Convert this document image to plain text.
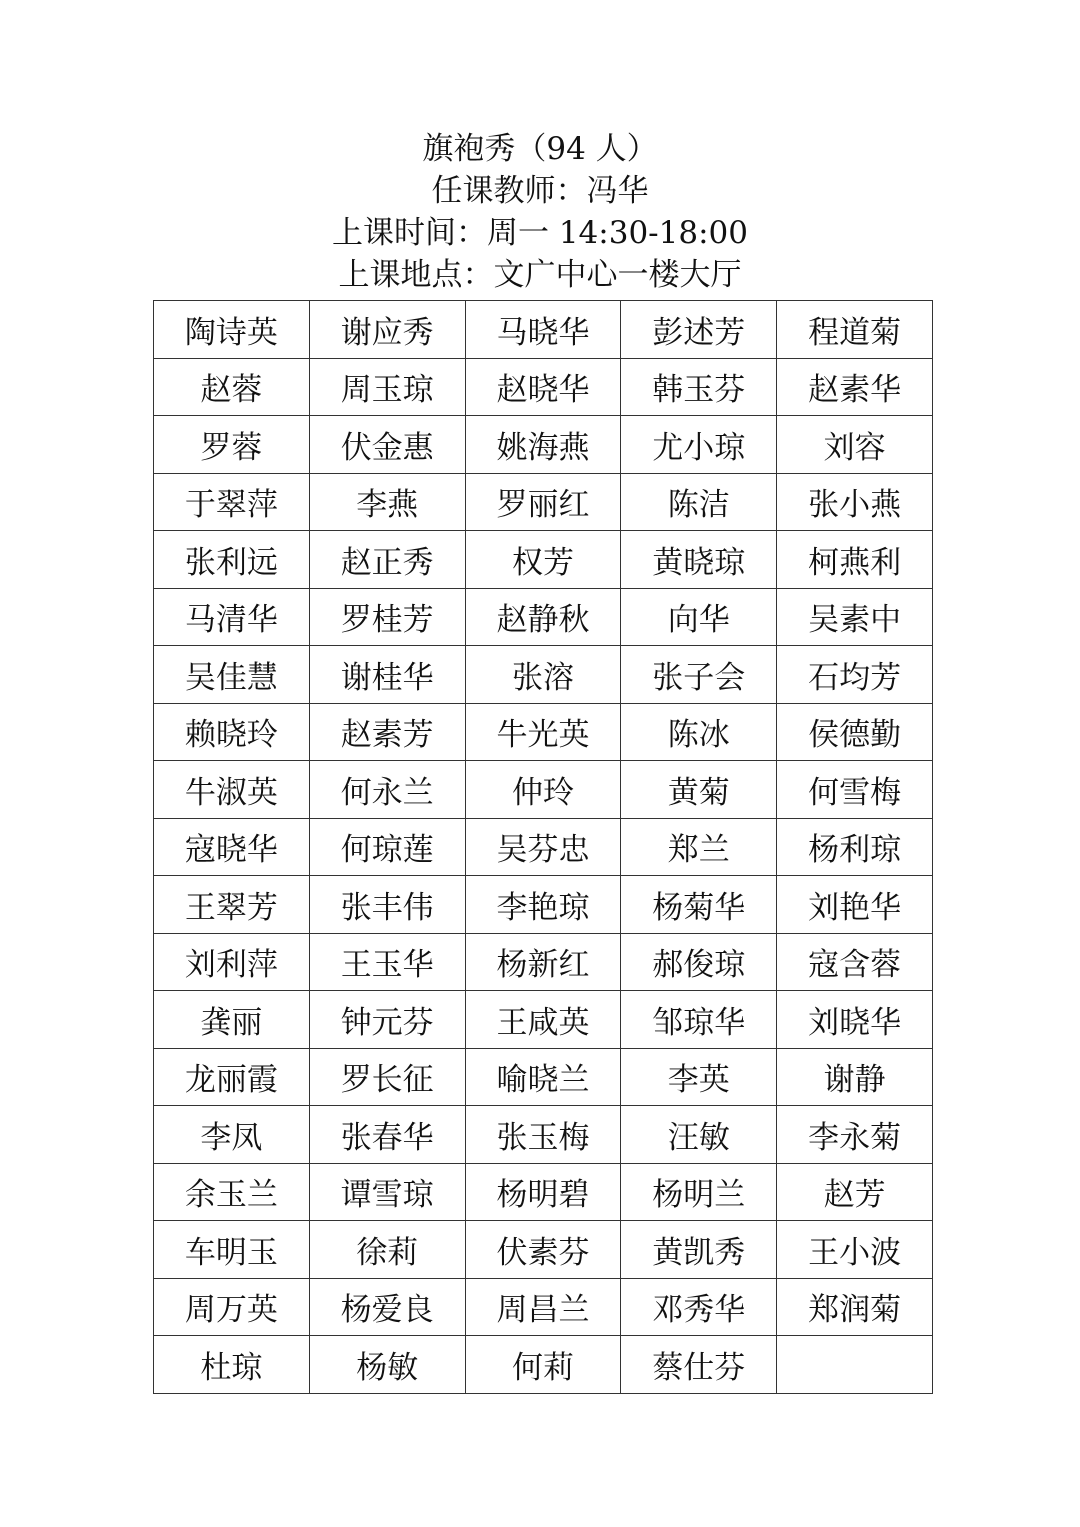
旗袍秀（94 人）
任课教师：冯华
上课时间：周一 14:30-18:00
上课地点：文广中心一楼大厅
陶诗英	谢应秀	马晓华	彭述芳	程道菊
赵蓉	周玉琼	赵晓华	韩玉芬	赵素华
罗蓉	伏金惠	姚海燕	尤小琼	刘容
于翠萍	李燕	罗丽红	陈洁	张小燕
张利远	赵正秀	权芳	黄晓琼	柯燕利
马清华	罗桂芳	赵静秋	向华	吴素中
吴佳慧	谢桂华	张溶	张子会	石均芳
赖晓玲	赵素芳	牛光英	陈冰	侯德勤
牛淑英	何永兰	仲玲	黄菊	何雪梅
寇晓华	何琼莲	吴芬忠	郑兰	杨利琼
王翠芳	张丰伟	李艳琼	杨菊华	刘艳华
刘利萍	王玉华	杨新红	郝俊琼	寇含蓉
龚丽	钟元芬	王咸英	邹琼华	刘晓华
龙丽霞	罗长征	喻晓兰	李英	谢静
李凤	张春华	张玉梅	汪敏	李永菊
余玉兰	谭雪琼	杨明碧	杨明兰	赵芳
车明玉	徐莉	伏素芬	黄凯秀	王小波
周万英	杨爱良	周昌兰	邓秀华	郑润菊
杜琼	杨敏	何莉	蔡仕芬	
